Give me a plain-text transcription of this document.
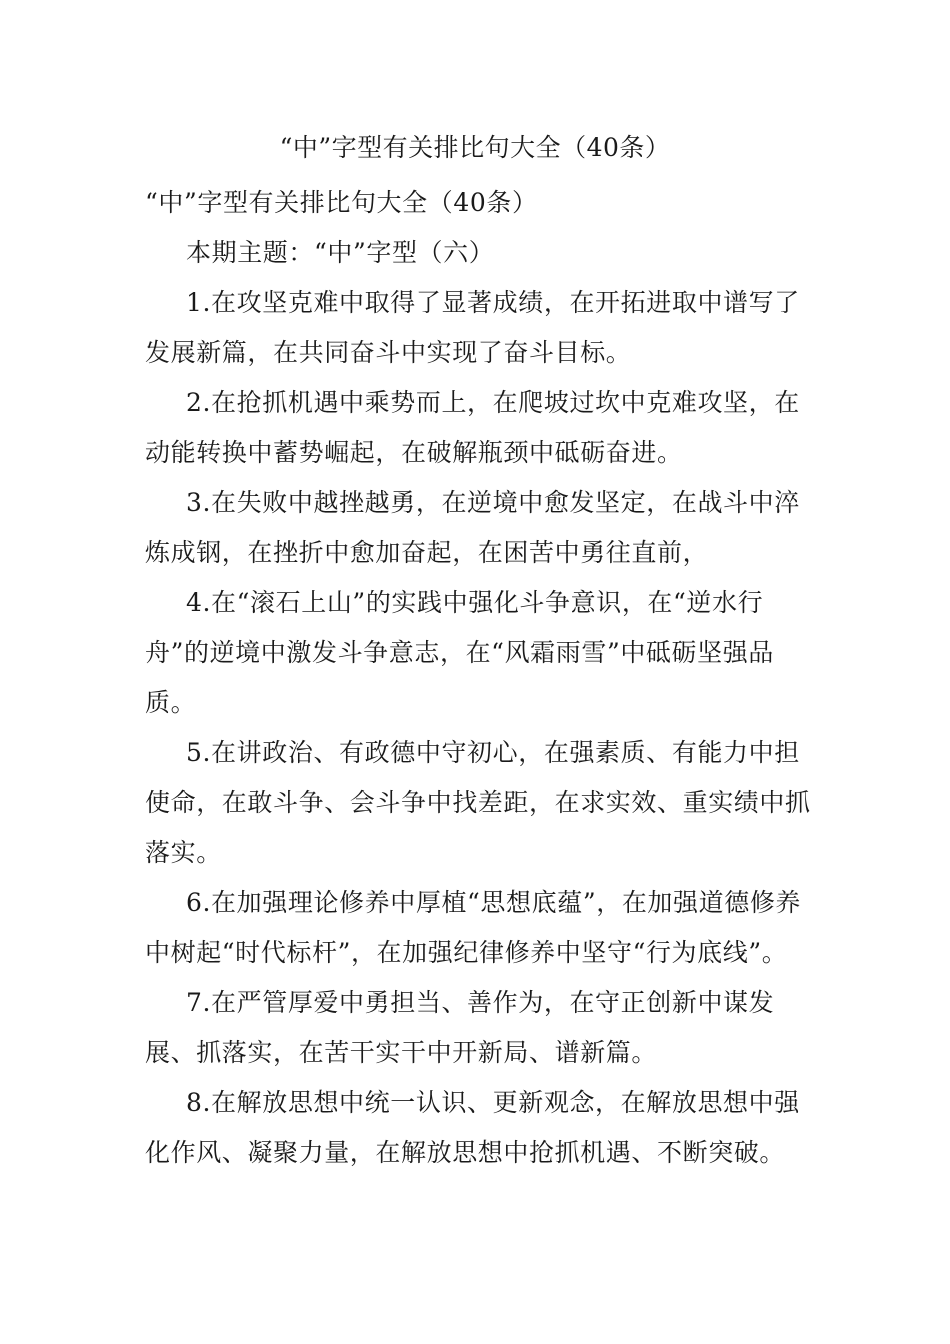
“中”字型有关排比句大全（40条）

“中”字型有关排比句大全（40条）

本期主题：“中”字型（六）

1.在攻坚克难中取得了显著成绩，在开拓进取中谱写了发展新篇，在共同奋斗中实现了奋斗目标。

2.在抢抓机遇中乘势而上，在爬坡过坎中克难攻坚，在动能转换中蓄势崛起，在破解瓶颈中砥砺奋进。

3.在失败中越挫越勇，在逆境中愈发坚定，在战斗中淬炼成钢，在挫折中愈加奋起，在困苦中勇往直前，

4.在“滚石上山”的实践中强化斗争意识，在“逆水行舟”的逆境中激发斗争意志，在“风霜雨雪”中砥砺坚强品质。

5.在讲政治、有政德中守初心，在强素质、有能力中担使命，在敢斗争、会斗争中找差距，在求实效、重实绩中抓落实。

6.在加强理论修养中厚植“思想底蕴”，在加强道德修养中树起“时代标杆”，在加强纪律修养中坚守“行为底线”。

7.在严管厚爱中勇担当、善作为，在守正创新中谋发展、抓落实，在苦干实干中开新局、谱新篇。

8.在解放思想中统一认识、更新观念，在解放思想中强化作风、凝聚力量，在解放思想中抢抓机遇、不断突破。
